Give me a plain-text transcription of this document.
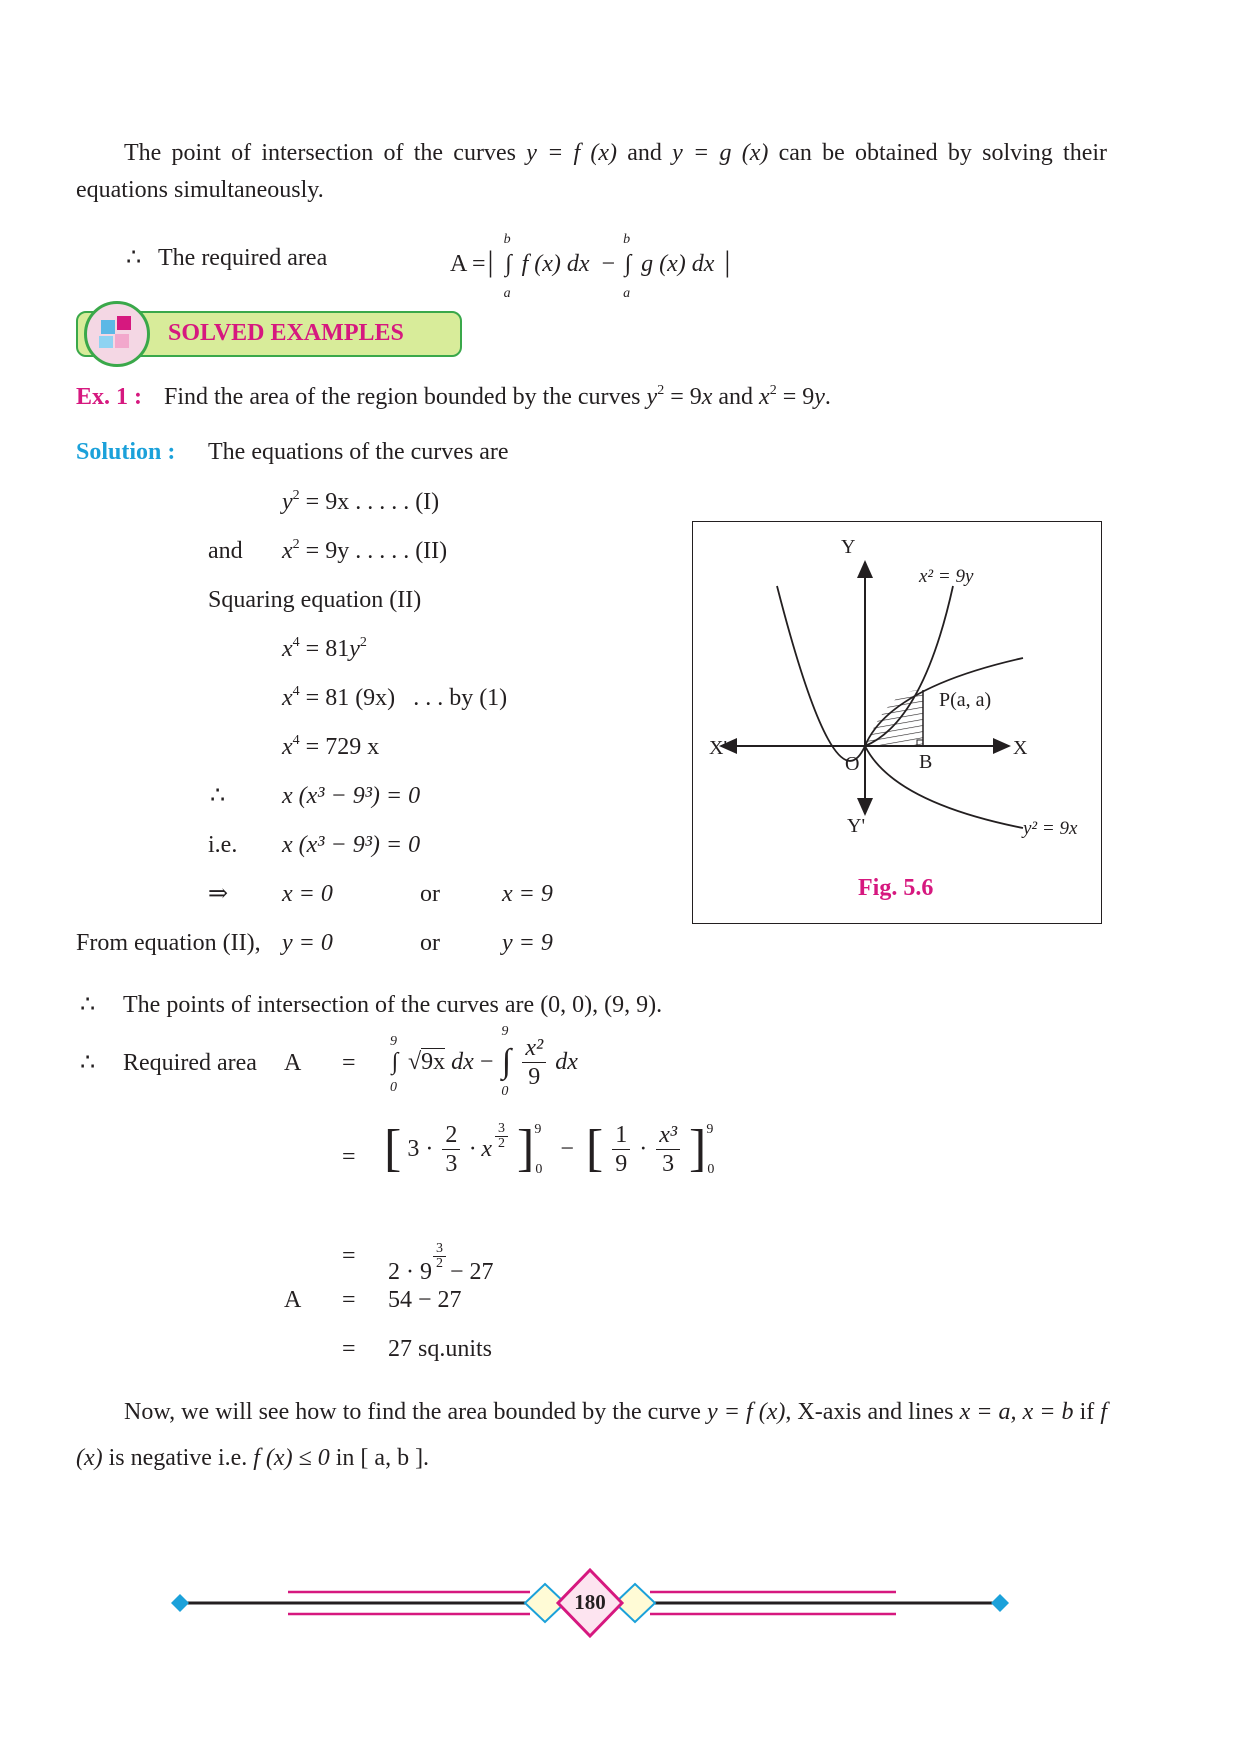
The point of intersection of the curves y = f (x) and y = g (x) can be obtained by solving their equations simultaneously.
∴ The required area	A =| ∫
b
a
f (x) dx − ∫
b
a
g (x) dx |
SOLVED EXAMPLES
Ex. 1 : Find the area of the region bounded by the curves $y^2 = 9x$ and $x^2 = 9y$.
Solution : The equations of the curves are
$y^2 = 9x$ . . . . . (I)
and $x^2 = 9y$ . . . . . (II)
Squaring equation (II)
$x^4 = 81y^2$
$x^4 = 81$ (9x) . . . by (1)
$x^4 = 729$ x
∴ x (x³ − 9³) = 0
i.e. x (x³ − 9³) = 0
⇒ x = 0	or	x = 9
From equation (II), y = 0	or	y = 9
∴ The points of intersection of the curves are (0, 0), (9, 9).
∴ Required area A = ∫
9
0
√9x dx − ∫
9
0

$\frac{\text{x²}}{9}$ dx
= [ $3 \cdot \frac{2}{3} \cdot x \frac{3}{2} ]^9_0$ − [ $\frac{1}{9} \cdot \frac{\text{x³}}{3} ]^9_0$
=
2 · 9
$\frac{3}{2}$
− 27
A = 54 − 27
= 27 sq.units
Now, we will see how to find the area bounded by the curve y = f (x), X-axis and lines x = a, x = b if f (x) is negative i.e. f (x) ≤ 0 in [ a, b ].
Y
Y'
X
X'
O	B
P(a, a)
x² = 9y
y² = 9x
Fig. 5.6
180
